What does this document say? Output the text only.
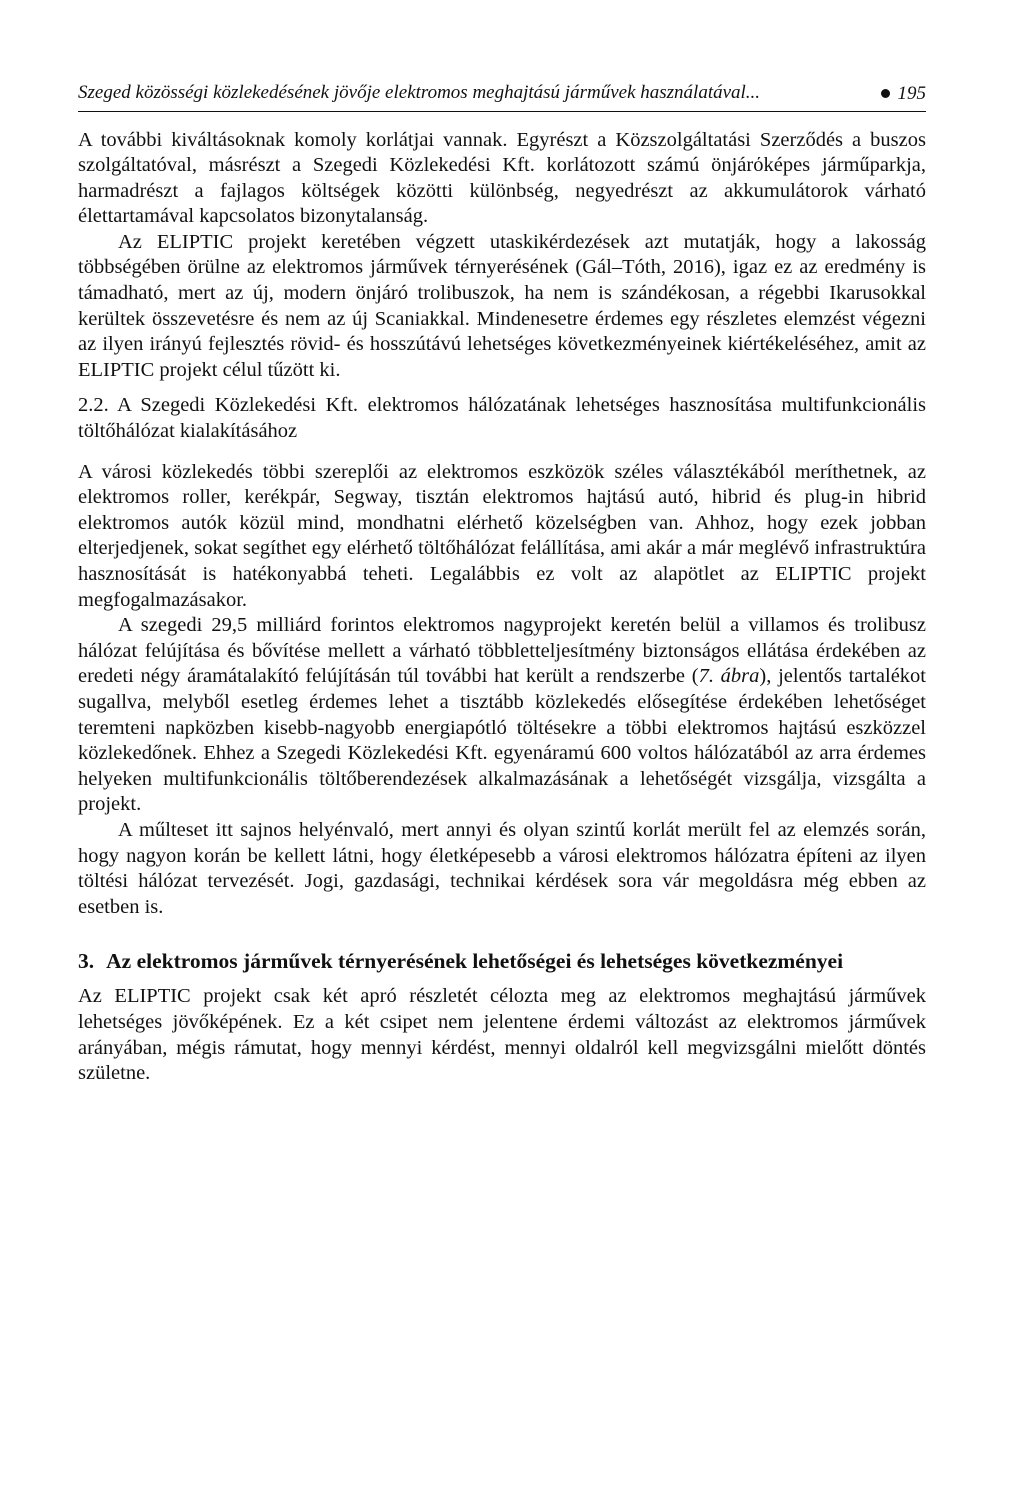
Szeged közösségi közlekedésének jövője elektromos meghajtású járművek használatával...	195

A további kiváltásoknak komoly korlátjai vannak. Egyrészt a Közszolgáltatási Szerződés a buszos szolgáltatóval, másrészt a Szegedi Közlekedési Kft. korlátozott számú önjárόképes járműparkja, harmadrészt a fajlagos költségek közötti különbség, negyedrészt az akkumulátorok várható élettartamával kapcsolatos bizonytalanság.

Az ELIPTIC projekt keretében végzett utaskikérdezések azt mutatják, hogy a lakosság többségében örülne az elektromos járművek térnyerésének (Gál–Tóth, 2016), igaz ez az eredmény is támadható, mert az új, modern önjáró trolibuszok, ha nem is szándékosan, a régebbi Ikarusokkal kerültek összevetésre és nem az új Scaniakkal. Mindenesetre érdemes egy részletes elemzést végezni az ilyen irányú fejlesztés rövid- és hosszútávú lehetséges következményeinek kiértékeléséhez, amit az ELIPTIC projekt célul tűzött ki.

2.2. A Szegedi Közlekedési Kft. elektromos hálózatának lehetséges hasznosítása multifunkcionális töltőhálózat kialakításához

A városi közlekedés többi szereplői az elektromos eszközök széles választékából meríthetnek, az elektromos roller, kerékpár, Segway, tisztán elektromos hajtású autó, hibrid és plug-in hibrid elektromos autók közül mind, mondhatni elérhető közelségben van. Ahhoz, hogy ezek jobban elterjedjenek, sokat segíthet egy elérhető töltőhálózat felállítása, ami akár a már meglévő infrastruktúra hasznosítását is hatékonyabbá teheti. Legalábbis ez volt az alapötlet az ELIPTIC projekt megfogalmazásakor.

A szegedi 29,5 milliárd forintos elektromos nagyprojekt keretén belül a villamos és trolibusz hálózat felújítása és bővítése mellett a várható többletteljesítmény biztonságos ellátása érdekében az eredeti négy áramátalakító felújításán túl további hat került a rendszerbe (7. ábra), jelentős tartalékot sugallva, melyből esetleg érdemes lehet a tisztább közlekedés elősegítése érdekében lehetőséget teremteni napközben kisebb-nagyobb energiapótló töltésekre a többi elektromos hajtású eszközzel közlekedőnek. Ehhez a Szegedi Közlekedési Kft. egyenáramú 600 voltos hálózatából az arra érdemes helyeken multifunkcionális töltőberendezések alkalmazásának a lehetőségét vizsgálja, vizsgálta a projekt.

A műlteset itt sajnos helyénvaló, mert annyi és olyan szintű korlát merült fel az elemzés során, hogy nagyon korán be kellett látni, hogy életképesebb a városi elektromos hálózatra építeni az ilyen töltési hálózat tervezését. Jogi, gazdasági, technikai kérdések sora vár megoldásra még ebben az esetben is.

3. Az elektromos járművek térnyerésének lehetőségei és lehetséges következményei

Az ELIPTIC projekt csak két apró részletét célozta meg az elektromos meghajtású járművek lehetséges jövőképének. Ez a két csipet nem jelentene érdemi változást az elektromos járművek arányában, mégis rámutat, hogy mennyi kérdést, mennyi oldalról kell megvizsgálni mielőtt döntés születne.
